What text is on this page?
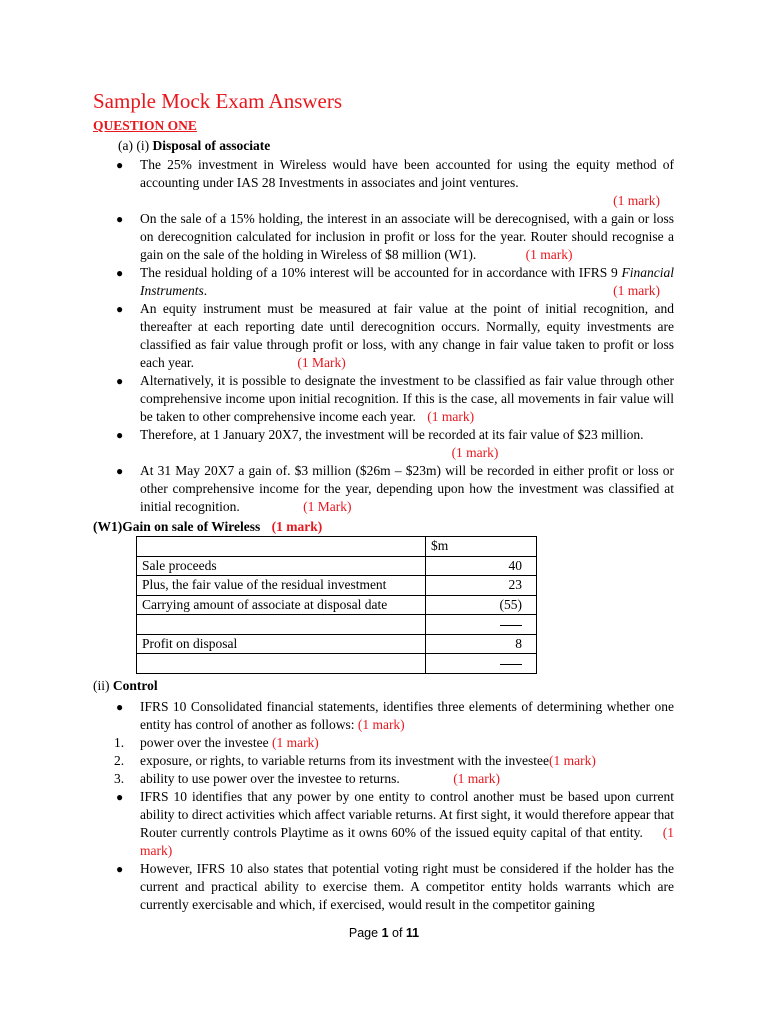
Sample Mock Exam Answers
QUESTION ONE
(a) (i) Disposal of associate
● The 25% investment in Wireless would have been accounted for using the equity method of accounting under IAS 28 Investments in associates and joint ventures.
(1 mark)
● On the sale of a 15% holding, the interest in an associate will be derecognised, with a gain or loss on derecognition calculated for inclusion in profit or loss for the year. Router should recognise a gain on the sale of the holding in Wireless of $8 million (W1).	(1 mark)
● The residual holding of a 10% interest will be accounted for in accordance with IFRS 9 Financial Instruments.	(1 mark)
● An equity instrument must be measured at fair value at the point of initial recognition, and thereafter at each reporting date until derecognition occurs. Normally, equity investments are classified as fair value through profit or loss, with any change in fair value taken to profit or loss each year.	(1 Mark)
● Alternatively, it is possible to designate the investment to be classified as fair value through other comprehensive income upon initial recognition. If this is the case, all movements in fair value will be taken to other comprehensive income each year. (1 mark)
● Therefore, at 1 January 20X7, the investment will be recorded at its fair value of $23 million.
(1 mark)
● At 31 May 20X7 a gain of. $3 million ($26m – $23m) will be recorded in either profit or loss or other comprehensive income for the year, depending upon how the investment was classified at initial recognition.	(1 Mark)
(W1)Gain on sale of Wireless (1 mark)
	$m
Sale proceeds	40
Plus, the fair value of the residual investment	23
Carrying amount of associate at disposal date	(55)

Profit on disposal	8

(ii) Control
● IFRS 10 Consolidated financial statements, identifies three elements of determining whether one entity has control of another as follows: (1 mark)
1. power over the investee (1 mark)
2. exposure, or rights, to variable returns from its investment with the investee(1 mark)
3. ability to use power over the investee to returns.	(1 mark)
● IFRS 10 identifies that any power by one entity to control another must be based upon current ability to direct activities which affect variable returns. At first sight, it would therefore appear that Router currently controls Playtime as it owns 60% of the issued equity capital of that entity. (1 mark)
● However, IFRS 10 also states that potential voting right must be considered if the holder has the current and practical ability to exercise them. A competitor entity holds warrants which are currently exercisable and which, if exercised, would result in the competitor gaining
Page 1 of 11
